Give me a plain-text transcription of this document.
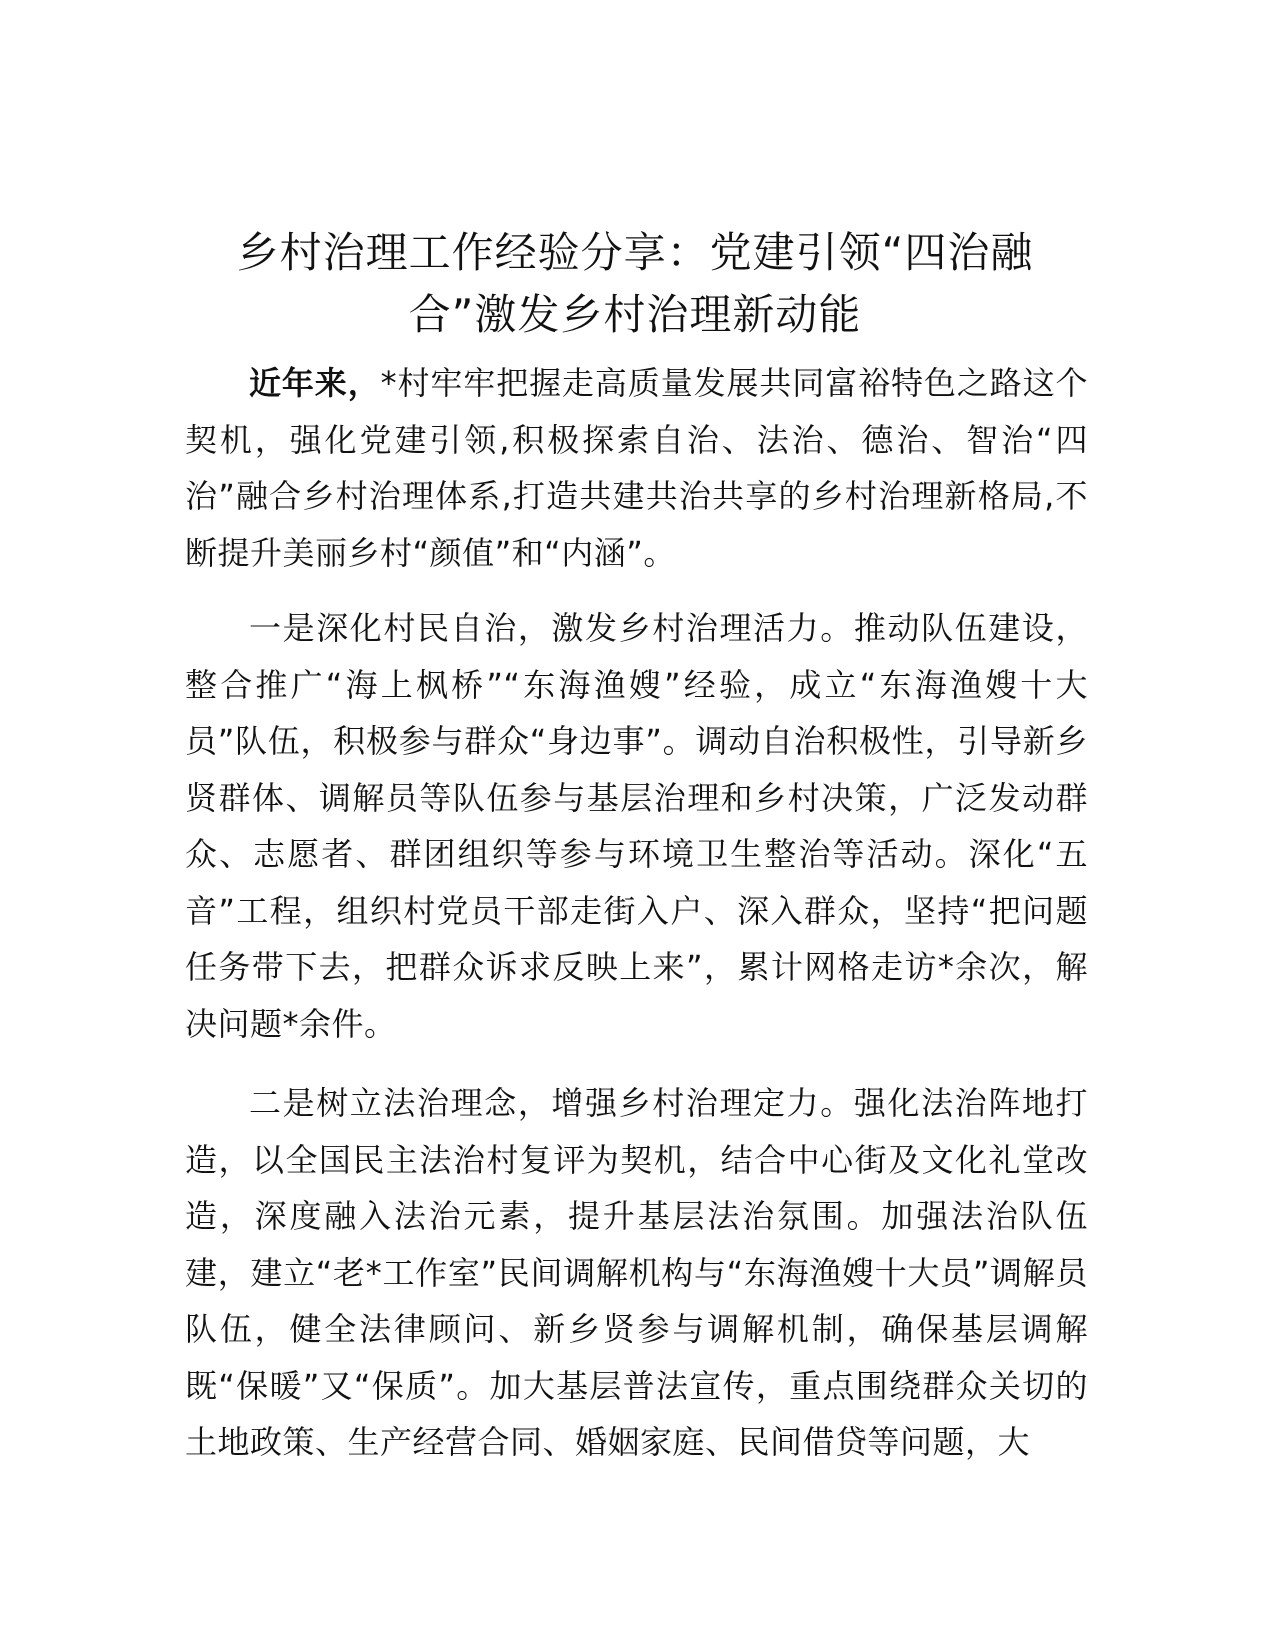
乡村治理工作经验分享：党建引领“四治融
合”激发乡村治理新动能

近年来，*村牢牢把握走高质量发展共同富裕特色之路这个契机，强化党建引领,积极探索自治、法治、德治、智治“四治”融合乡村治理体系,打造共建共治共享的乡村治理新格局,不断提升美丽乡村“颜值”和“内涵”。

一是深化村民自治，激发乡村治理活力。推动队伍建设，整合推广“海上枫桥”“东海渔嫂”经验，成立“东海渔嫂十大员”队伍，积极参与群众“身边事”。调动自治积极性，引导新乡贤群体、调解员等队伍参与基层治理和乡村决策，广泛发动群众、志愿者、群团组织等参与环境卫生整治等活动。深化“五音”工程，组织村党员干部走街入户、深入群众，坚持“把问题任务带下去，把群众诉求反映上来”，累计网格走访*余次，解决问题*余件。

二是树立法治理念，增强乡村治理定力。强化法治阵地打造，以全国民主法治村复评为契机，结合中心街及文化礼堂改造，深度融入法治元素，提升基层法治氛围。加强法治队伍建，建立“老*工作室”民间调解机构与“东海渔嫂十大员”调解员队伍，健全法律顾问、新乡贤参与调解机制，确保基层调解既“保暖”又“保质”。加大基层普法宣传，重点围绕群众关切的土地政策、生产经营合同、婚姻家庭、民间借贷等问题，大
